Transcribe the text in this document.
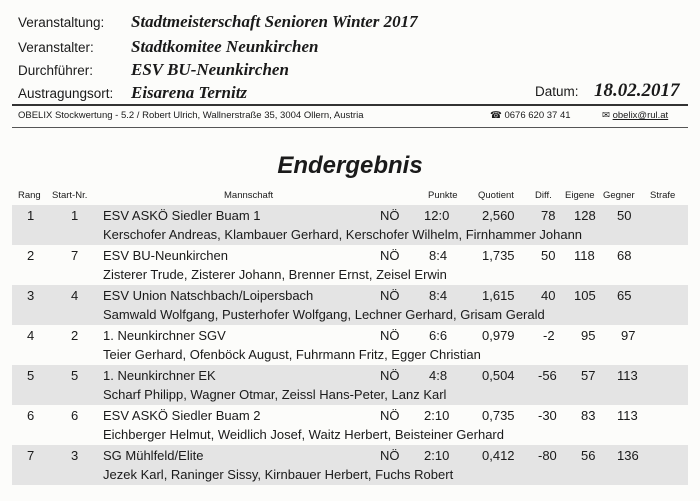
Veranstaltung: Stadtmeisterschaft Senioren Winter 2017
Veranstalter: Stadtkomitee Neunkirchen
Durchführer: ESV BU-Neunkirchen
Austragungsort: Eisarena Ternitz	Datum: 18.02.2017
OBELIX Stockwertung - 5.2 / Robert Ulrich, Wallnerstraße 35, 3004 Ollern, Austria	☎ 0676 620 37 41	✉ obelix@rul.at
Endergebnis
Rang Start-Nr.	Mannschaft	Punkte Quotient Diff. Eigene Gegner Strafe
1	1 ESV ASKÖ Siedler Buam 1	NÖ 12:0	2,560 78 128 50
Kerschofer Andreas, Klambauer Gerhard, Kerschofer Wilhelm, Firnhammer Johann
2	7 ESV BU-Neunkirchen	NÖ 8:4	1,735 50 118 68
Zisterer Trude, Zisterer Johann, Brenner Ernst, Zeisel Erwin
3	4 ESV Union Natschbach/Loipersbach	NÖ 8:4	1,615 40 105 65
Samwald Wolfgang, Pusterhofer Wolfgang, Lechner Gerhard, Grisam Gerald
4	2 1. Neunkirchner SGV	NÖ 6:6	0,979 -2 95 97
Teier Gerhard, Ofenböck August, Fuhrmann Fritz, Egger Christian
5	5 1. Neunkirchner EK	NÖ 4:8	0,504 -56 57 113
Scharf Philipp, Wagner Otmar, Zeissl Hans-Peter, Lanz Karl
6	6 ESV ASKÖ Siedler Buam 2	NÖ 2:10	0,735 -30 83 113
Eichberger Helmut, Weidlich Josef, Waitz Herbert, Beisteiner Gerhard
7	3 SG Mühlfeld/Elite	NÖ 2:10	0,412 -80 56 136
Jezek Karl, Raninger Sissy, Kirnbauer Herbert, Fuchs Robert
